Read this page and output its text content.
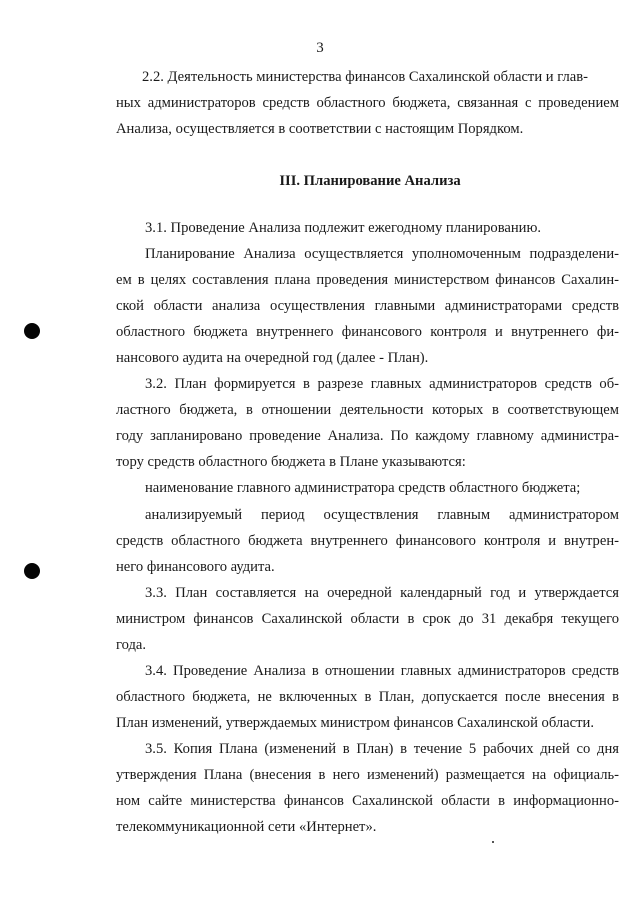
3
2.2. Деятельность министерства финансов Сахалинской области и глав-
ных администраторов средств областного бюджета, связанная с проведением
Анализа, осуществляется в соответствии с настоящим Порядком.
III. Планирование Анализа
3.1. Проведение Анализа подлежит ежегодному планированию.
Планирование Анализа осуществляется уполномоченным подразделени-
ем в целях составления плана проведения министерством финансов Сахалин-
ской области анализа осуществления главными администраторами средств
областного бюджета внутреннего финансового контроля и внутреннего фи-
нансового аудита на очередной год (далее - План).
3.2. План формируется в разрезе главных администраторов средств об-
ластного бюджета, в отношении деятельности которых в соответствующем
году запланировано проведение Анализа. По каждому главному администра-
тору средств областного бюджета в Плане указываются:
наименование главного администратора средств областного бюджета;
анализируемый период осуществления главным администратором
средств областного бюджета внутреннего финансового контроля и внутрен-
него финансового аудита.
3.3. План составляется на очередной календарный год и утверждается
министром финансов Сахалинской области в срок до 31 декабря текущего
года.
3.4. Проведение Анализа в отношении главных администраторов средств
областного бюджета, не включенных в План, допускается после внесения в
План изменений, утверждаемых министром финансов Сахалинской области.
3.5. Копия Плана (изменений в План) в течение 5 рабочих дней со дня
утверждения Плана (внесения в него изменений) размещается на официаль-
ном сайте министерства финансов Сахалинской области в информационно-
телекоммуникационной сети «Интернет».
